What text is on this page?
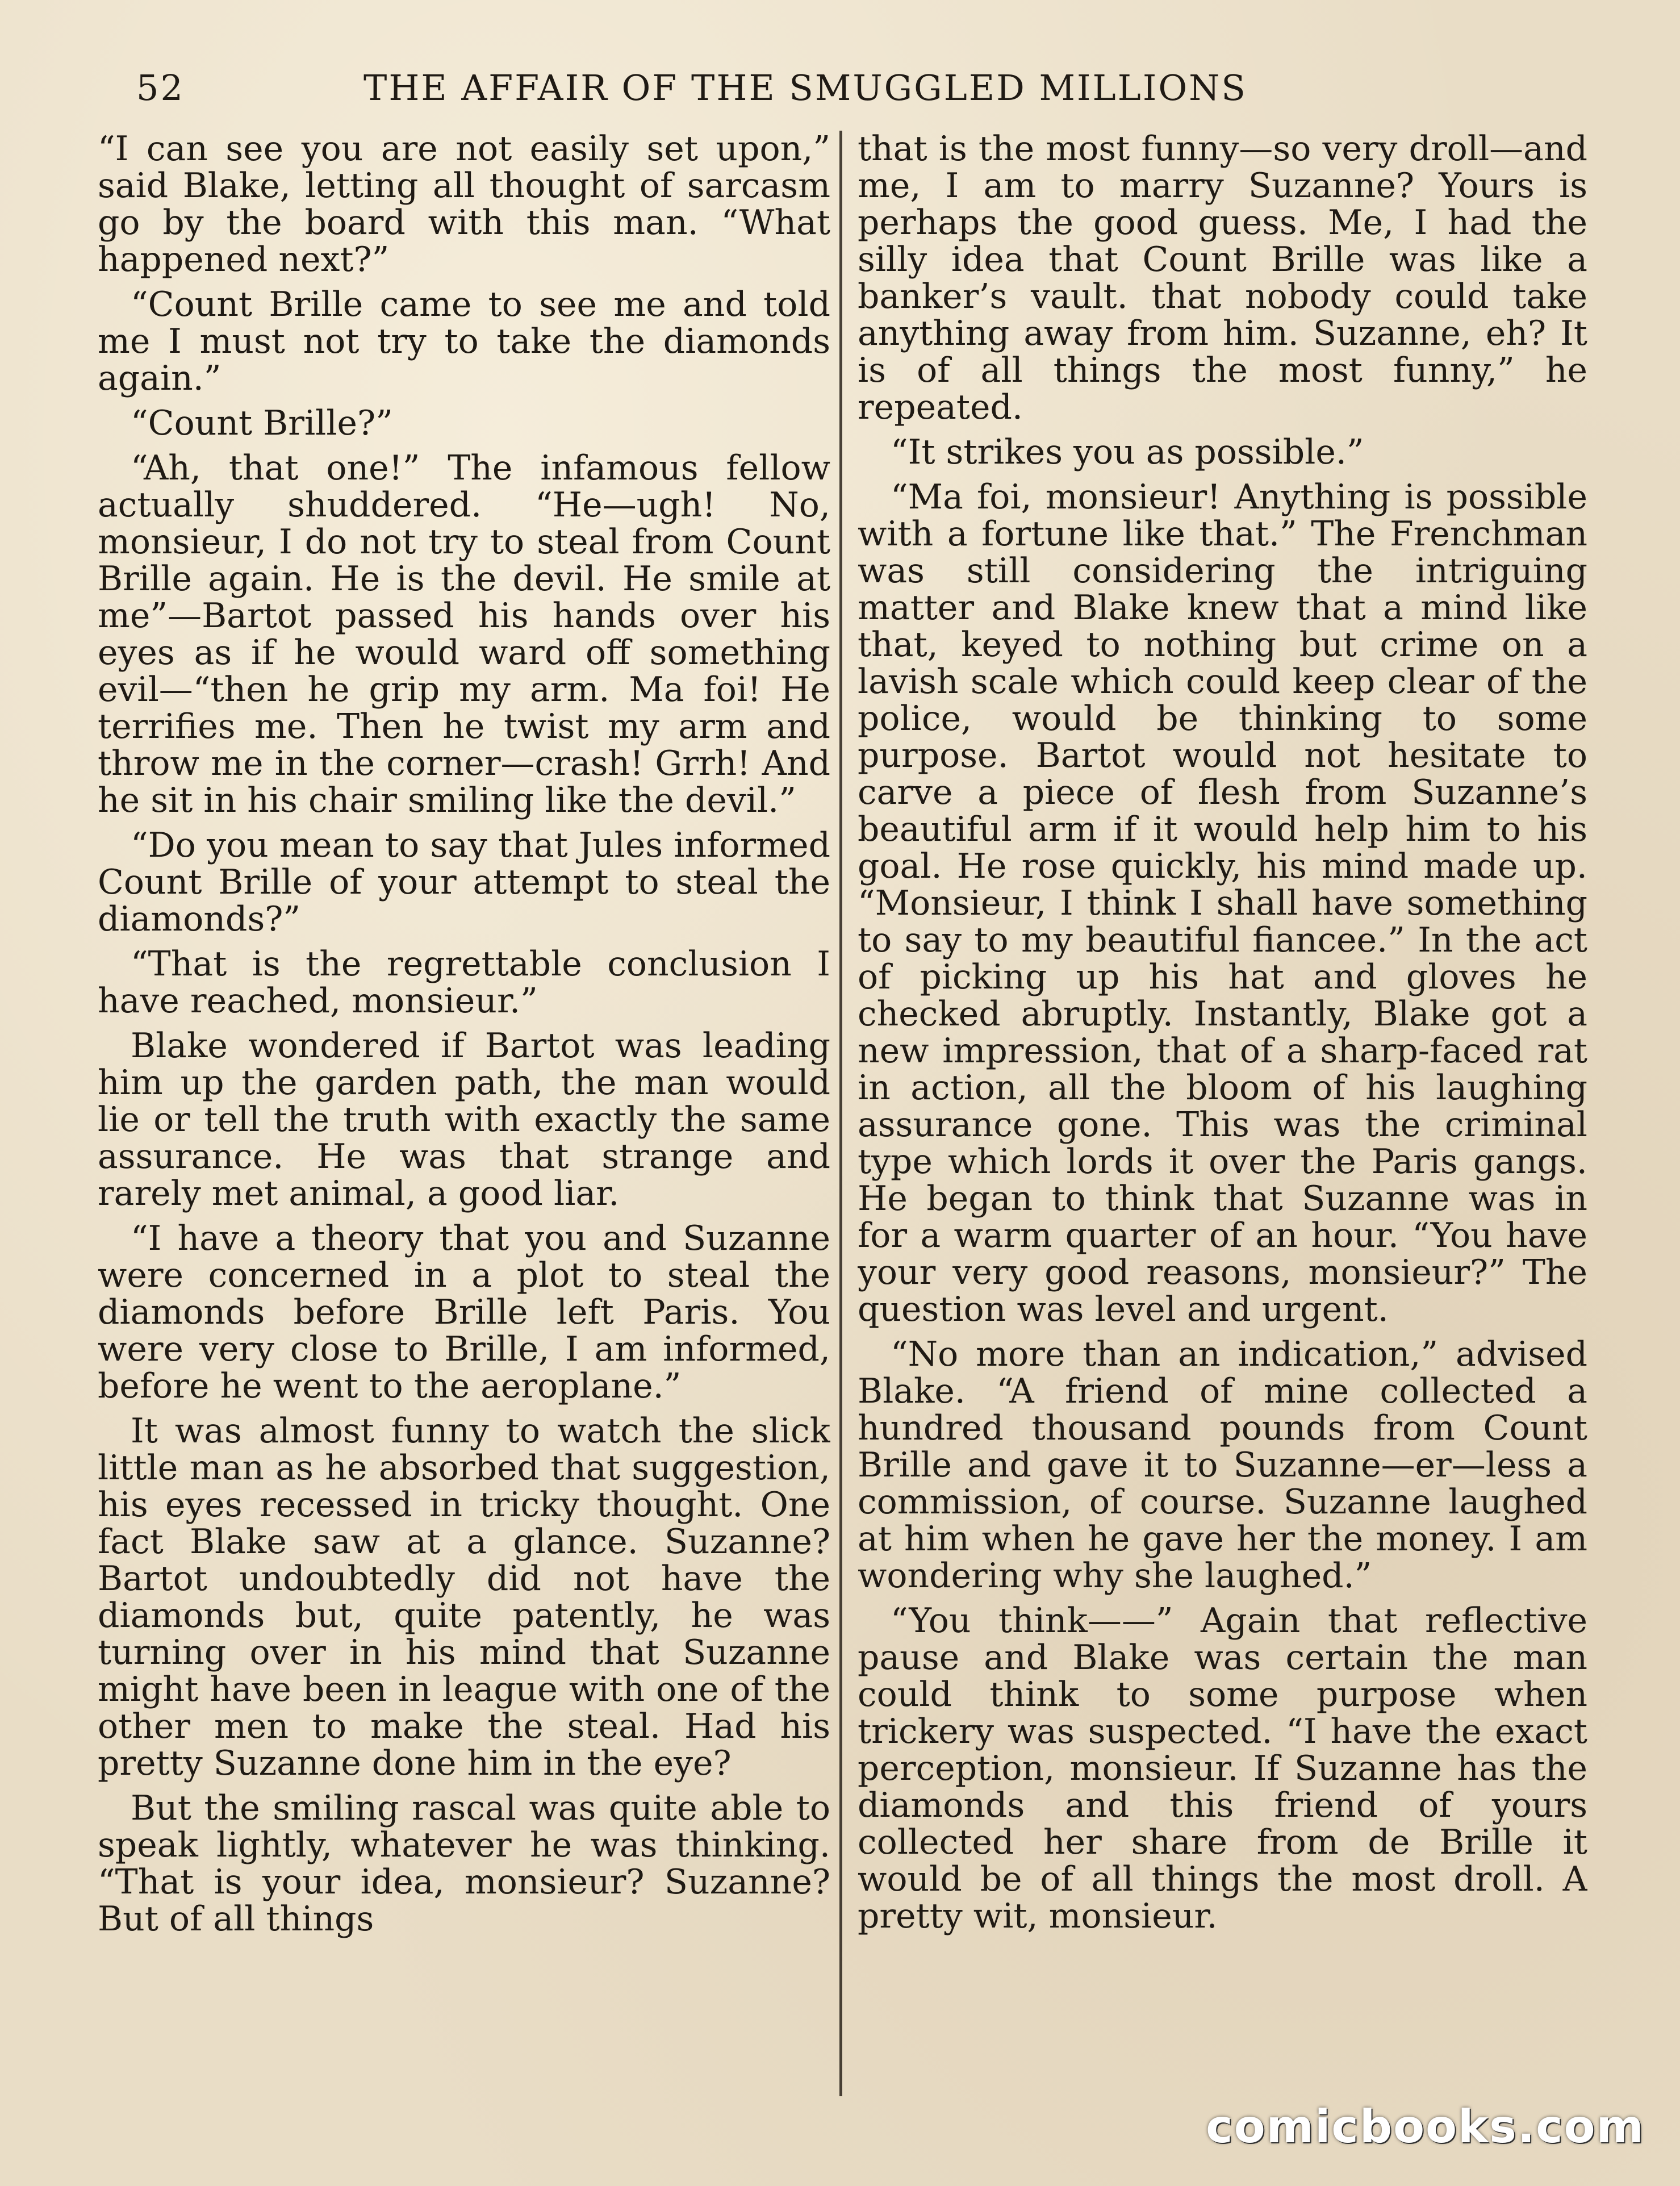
52	THE AFFAIR OF THE SMUGGLED MILLIONS

“I can see you are not easily set upon,” said Blake, letting all thought of sarcasm go by the board with this man. “What happened next?”

“Count Brille came to see me and told me I must not try to take the diamonds again.”

“Count Brille?”

“Ah, that one!” The infamous fellow actually shuddered. “He—ugh! No, monsieur, I do not try to steal from Count Brille again. He is the devil. He smile at me”—Bartot passed his hands over his eyes as if he would ward off something evil—“then he grip my arm. Ma foi! He terrifies me. Then he twist my arm and throw me in the corner—crash! Grrh! And he sit in his chair smiling like the devil.”

“Do you mean to say that Jules informed Count Brille of your attempt to steal the diamonds?”

“That is the regrettable conclusion I have reached, monsieur.”

Blake wondered if Bartot was leading him up the garden path, the man would lie or tell the truth with exactly the same assurance. He was that strange and rarely met animal, a good liar.

“I have a theory that you and Suzanne were concerned in a plot to steal the diamonds before Brille left Paris. You were very close to Brille, I am informed, before he went to the aeroplane.”

It was almost funny to watch the slick little man as he absorbed that suggestion, his eyes recessed in tricky thought. One fact Blake saw at a glance. Suzanne? Bartot undoubtedly did not have the diamonds but, quite patently, he was turning over in his mind that Suzanne might have been in league with one of the other men to make the steal. Had his pretty Suzanne done him in the eye?

But the smiling rascal was quite able to speak lightly, whatever he was thinking. “That is your idea, monsieur? Suzanne? But of all things

that is the most funny—so very droll—and me, I am to marry Suzanne? Yours is perhaps the good guess. Me, I had the silly idea that Count Brille was like a banker’s vault. that nobody could take anything away from him. Suzanne, eh? It is of all things the most funny,” he repeated.

“It strikes you as possible.”

“Ma foi, monsieur! Anything is possible with a fortune like that.” The Frenchman was still considering the intriguing matter and Blake knew that a mind like that, keyed to nothing but crime on a lavish scale which could keep clear of the police, would be thinking to some purpose. Bartot would not hesitate to carve a piece of flesh from Suzanne’s beautiful arm if it would help him to his goal. He rose quickly, his mind made up. “Monsieur, I think I shall have something to say to my beautiful fiancee.” In the act of picking up his hat and gloves he checked abruptly. Instantly, Blake got a new impression, that of a sharp-faced rat in action, all the bloom of his laughing assurance gone. This was the criminal type which lords it over the Paris gangs. He began to think that Suzanne was in for a warm quarter of an hour. “You have your very good reasons, monsieur?” The question was level and urgent.

“No more than an indication,” advised Blake. “A friend of mine collected a hundred thousand pounds from Count Brille and gave it to Suzanne—er—less a commission, of course. Suzanne laughed at him when he gave her the money. I am wondering why she laughed.”

“You think——” Again that reflective pause and Blake was certain the man could think to some purpose when trickery was suspected. “I have the exact perception, monsieur. If Suzanne has the diamonds and this friend of yours collected her share from de Brille it would be of all things the most droll. A pretty wit, monsieur.

comicbooks.com
